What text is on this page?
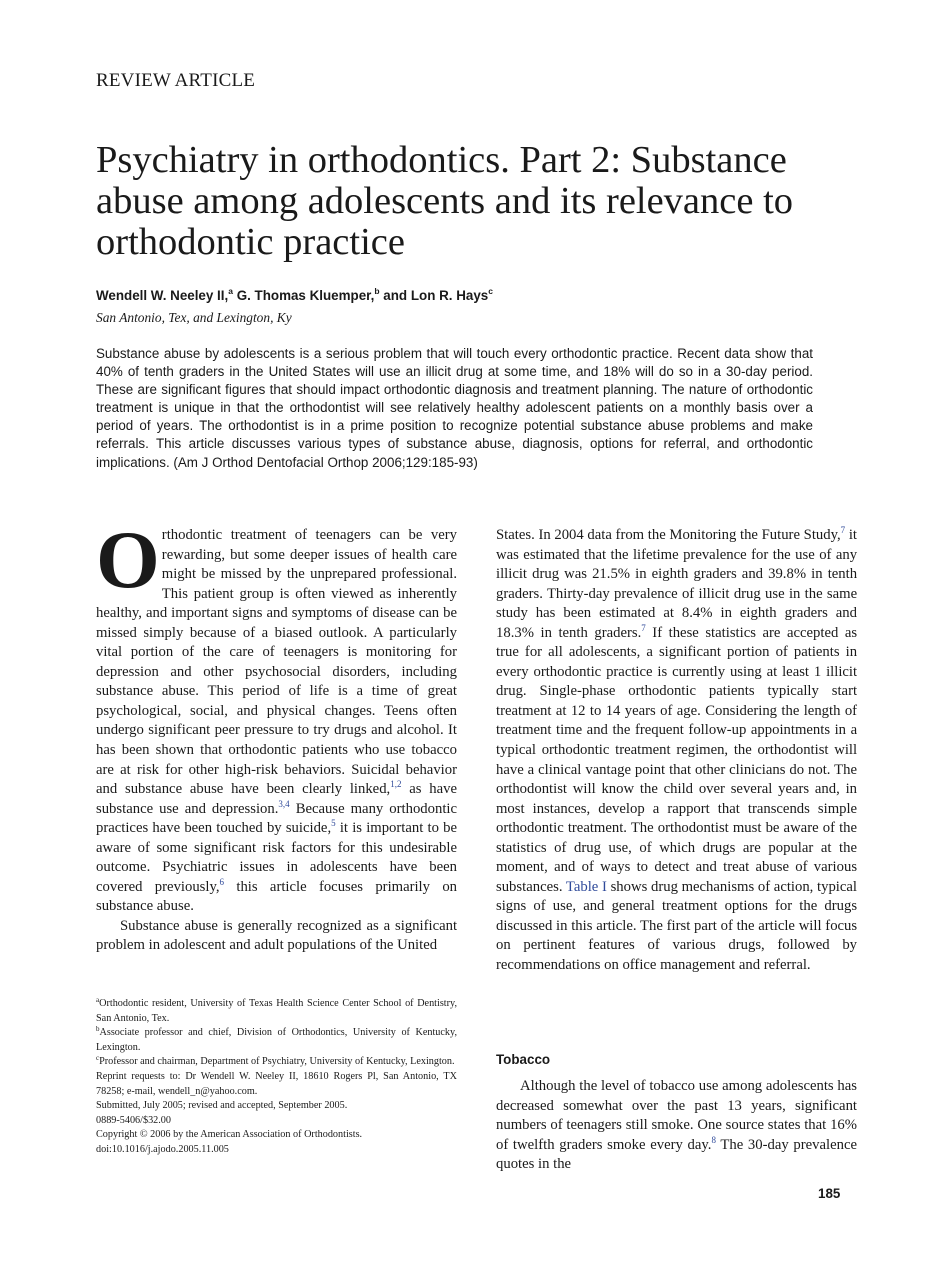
REVIEW ARTICLE
Psychiatry in orthodontics. Part 2: Substance abuse among adolescents and its relevance to orthodontic practice
Wendell W. Neeley II,$^a$ G. Thomas Kluemper,$^b$ and Lon R. Hays$^c$
San Antonio, Tex, and Lexington, Ky

Substance abuse by adolescents is a serious problem that will touch every orthodontic practice. Recent data show that 40% of tenth graders in the United States will use an illicit drug at some time, and 18% will do so in a 30-day period. These are significant figures that should impact orthodontic diagnosis and treatment planning. The nature of orthodontic treatment is unique in that the orthodontist will see relatively healthy adolescent patients on a monthly basis over a period of years. The orthodontist is in a prime position to recognize potential substance abuse problems and make referrals. This article discusses various types of substance abuse, diagnosis, options for referral, and orthodontic implications. (Am J Orthod Dentofacial Orthop 2006;129:185-93)

Orthodontic treatment of teenagers can be very rewarding, but some deeper issues of health care might be missed by the unprepared professional. This patient group is often viewed as inherently healthy, and important signs and symptoms of disease can be missed simply because of a biased outlook. A particularly vital portion of the care of teenagers is monitoring for depression and other psychosocial disorders, including substance abuse. This period of life is a time of great psychological, social, and physical changes. Teens often undergo significant peer pressure to try drugs and alcohol. It has been shown that orthodontic patients who use tobacco are at risk for other high-risk behaviors. Suicidal behavior and substance abuse have been clearly linked,$^{1,2}$ as have substance use and depression.$^{3,4}$ Because many orthodontic practices have been touched by suicide,$^5$ it is important to be aware of some significant risk factors for this undesirable outcome. Psychiatric issues in adolescents have been covered previously,$^6$ this article focuses primarily on substance abuse.

Substance abuse is generally recognized as a significant problem in adolescent and adult populations of the United

States. In 2004 data from the Monitoring the Future Study,$^7$ it was estimated that the lifetime prevalence for the use of any illicit drug was 21.5% in eighth graders and 39.8% in tenth graders. Thirty-day prevalence of illicit drug use in the same study has been estimated at 8.4% in eighth graders and 18.3% in tenth graders.$^7$ If these statistics are accepted as true for all adolescents, a significant portion of patients in every orthodontic practice is currently using at least 1 illicit drug. Single-phase orthodontic patients typically start treatment at 12 to 14 years of age. Considering the length of treatment time and the frequent follow-up appointments in a typical orthodontic treatment regimen, the orthodontist will have a clinical vantage point that other clinicians do not. The orthodontist will know the child over several years and, in most instances, develop a rapport that transcends simple orthodontic treatment. The orthodontist must be aware of the statistics of drug use, of which drugs are popular at the moment, and of ways to detect and treat abuse of various substances. Table I shows drug mechanisms of action, typical signs of use, and general treatment options for the drugs discussed in this article. The first part of the article will focus on pertinent features of various drugs, followed by recommendations on office management and referral.

$^a$Orthodontic resident, University of Texas Health Science Center School of Dentistry, San Antonio, Tex.

$^b$Associate professor and chief, Division of Orthodontics, University of Kentucky, Lexington.

$^c$Professor and chairman, Department of Psychiatry, University of Kentucky, Lexington.

Reprint requests to: Dr Wendell W. Neeley II, 18610 Rogers Pl, San Antonio, TX 78258; e-mail, wendell_n@yahoo.com.

Submitted, July 2005; revised and accepted, September 2005.

0889-5406/$32.00

Copyright © 2006 by the American Association of Orthodontists.

doi:10.1016/j.ajodo.2005.11.005

Tobacco

Although the level of tobacco use among adolescents has decreased somewhat over the past 13 years, significant numbers of teenagers still smoke. One source states that 16% of twelfth graders smoke every day.$^8$ The 30-day prevalence quotes in the

185
